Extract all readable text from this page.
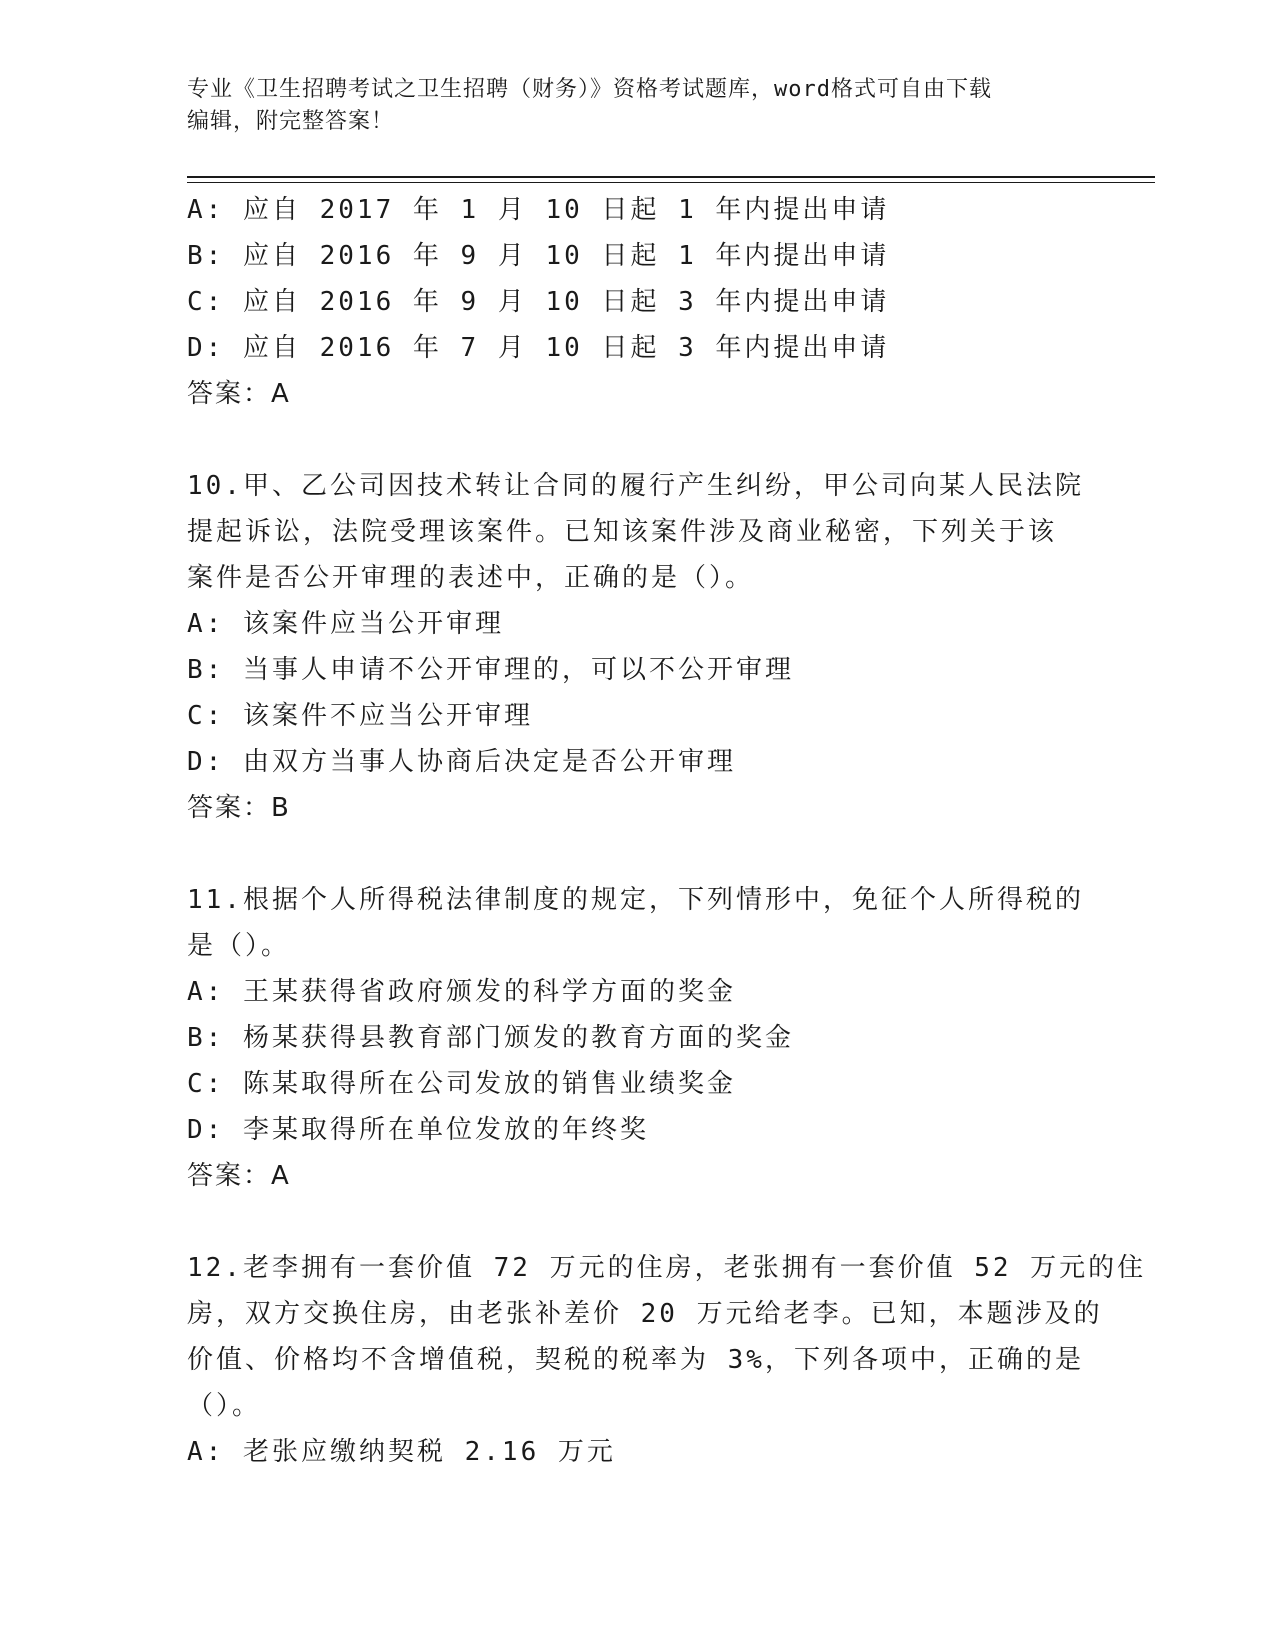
专业《卫生招聘考试之卫生招聘（财务）》资格考试题库，word格式可自由下载
编辑，附完整答案！
A: 应自 2017 年 1 月 10 日起 1 年内提出申请
B: 应自 2016 年 9 月 10 日起 1 年内提出申请
C: 应自 2016 年 9 月 10 日起 3 年内提出申请
D: 应自 2016 年 7 月 10 日起 3 年内提出申请
答案：A
10.甲、乙公司因技术转让合同的履行产生纠纷，甲公司向某人民法院
提起诉讼，法院受理该案件。已知该案件涉及商业秘密，下列关于该
案件是否公开审理的表述中，正确的是（）。
A: 该案件应当公开审理
B: 当事人申请不公开审理的，可以不公开审理
C: 该案件不应当公开审理
D: 由双方当事人协商后决定是否公开审理
答案：B
11.根据个人所得税法律制度的规定，下列情形中，免征个人所得税的
是（）。
A: 王某获得省政府颁发的科学方面的奖金
B: 杨某获得县教育部门颁发的教育方面的奖金
C: 陈某取得所在公司发放的销售业绩奖金
D: 李某取得所在单位发放的年终奖
答案：A
12.老李拥有一套价值 72 万元的住房，老张拥有一套价值 52 万元的住
房，双方交换住房，由老张补差价 20 万元给老李。已知，本题涉及的
价值、价格均不含增值税，契税的税率为 3%，下列各项中，正确的是
（）。
A: 老张应缴纳契税 2.16 万元
